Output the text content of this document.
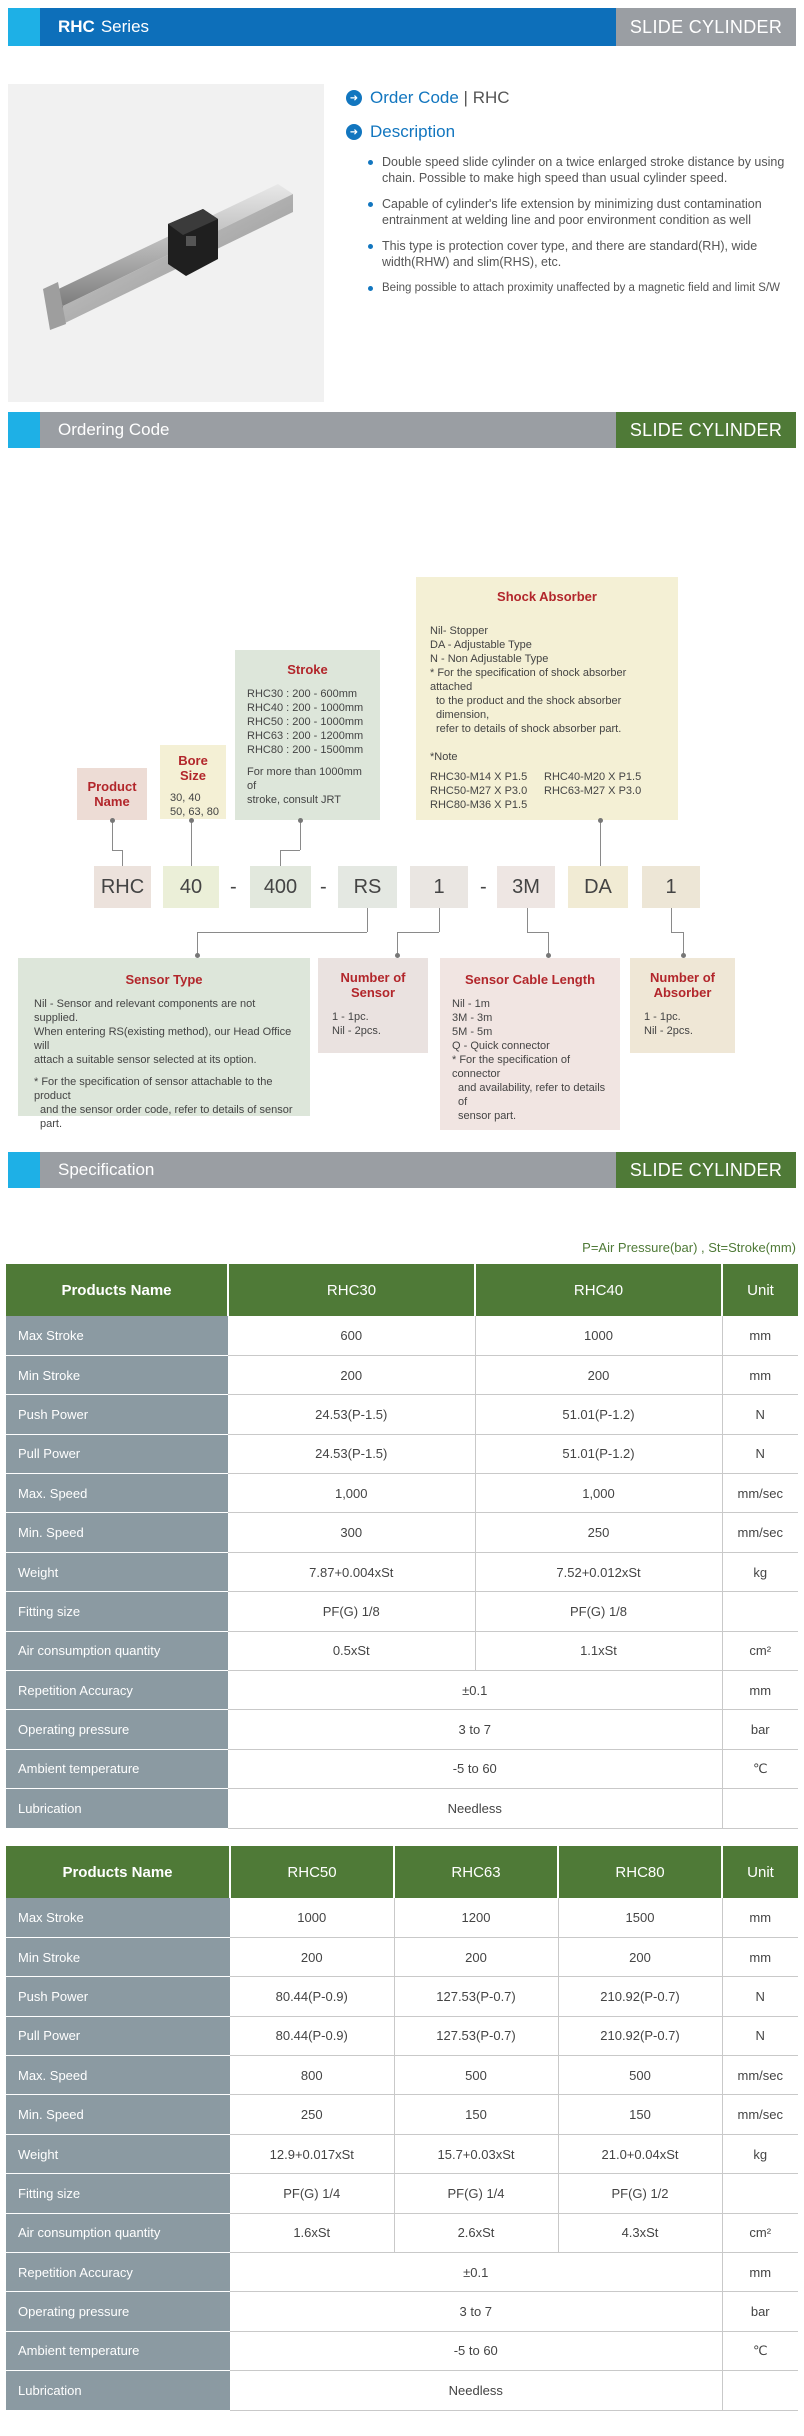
RHC Series	SLIDE CYLINDER
➜ Order Code | RHC
➜ Description
Double speed slide cylinder on a twice enlarged stroke distance by using chain. Possible to make high speed than usual cylinder speed.
Capable of cylinder's life extension by minimizing dust contamination entrainment at welding line and poor environment condition as well
This type is protection cover type, and there are standard(RH), wide width(RHW) and slim(RHS), etc.
Being possible to attach proximity unaffected by a magnetic field and limit S/W
Ordering Code	SLIDE CYLINDER
Shock Absorber
Nil- Stopper
DA - Adjustable Type
N - Non Adjustable Type
* For the specification of shock absorber attached
to the product and the shock absorber dimension,
refer to details of shock absorber part.
*Note
RHC30-M14 X P1.5	RHC40-M20 X P1.5
RHC50-M27 X P3.0	RHC63-M27 X P3.0
RHC80-M36 X P1.5
Stroke
RHC30 : 200 - 600mm
RHC40 : 200 - 1000mm
RHC50 : 200 - 1000mm
RHC63 : 200 - 1200mm
RHC80 : 200 - 1500mm
For more than 1000mm of
stroke, consult JRT
Bore Size
30, 40
50, 63, 80
Product Name
RHC	40	-	400	-	RS	1	-	3M	DA	1
Sensor Type
Nil - Sensor and relevant components are not supplied.
When entering RS(existing method), our Head Office will
attach a suitable sensor selected at its option.
* For the specification of sensor attachable to the product
and the sensor order code, refer to details of sensor part.
Number of Sensor
1 - 1pc.
Nil - 2pcs.
Sensor Cable Length
Nil - 1m
3M - 3m
5M - 5m
Q - Quick connector
* For the specification of connector
and availability, refer to details of
sensor part.
Number of Absorber
1 - 1pc.
Nil - 2pcs.
Specification	SLIDE CYLINDER
P=Air Pressure(bar) , St=Stroke(mm)
Products Name	RHC30	RHC40	Unit
Max Stroke	600	1000	mm
Min Stroke	200	200	mm
Push Power	24.53(P-1.5)	51.01(P-1.2)	N
Pull Power	24.53(P-1.5)	51.01(P-1.2)	N
Max. Speed	1,000	1,000	mm/sec
Min. Speed	300	250	mm/sec
Weight	7.87+0.004xSt	7.52+0.012xSt	kg
Fitting size	PF(G) 1/8	PF(G) 1/8	
Air consumption quantity	0.5xSt	1.1xSt	cm²
Repetition Accuracy	±0.1		mm
Operating pressure	3 to 7		bar
Ambient temperature	-5 to 60		℃
Lubrication	Needless		
Products Name	RHC50	RHC63	RHC80	Unit
Max Stroke	1000	1200	1500	mm
Min Stroke	200	200	200	mm
Push Power	80.44(P-0.9)	127.53(P-0.7)	210.92(P-0.7)	N
Pull Power	80.44(P-0.9)	127.53(P-0.7)	210.92(P-0.7)	N
Max. Speed	800	500	500	mm/sec
Min. Speed	250	150	150	mm/sec
Weight	12.9+0.017xSt	15.7+0.03xSt	21.0+0.04xSt	kg
Fitting size	PF(G) 1/4	PF(G) 1/4	PF(G) 1/2	
Air consumption quantity	1.6xSt	2.6xSt	4.3xSt	cm²
Repetition Accuracy	±0.1			mm
Operating pressure	3 to 7			bar
Ambient temperature	-5 to 60			℃
Lubrication	Needless			
